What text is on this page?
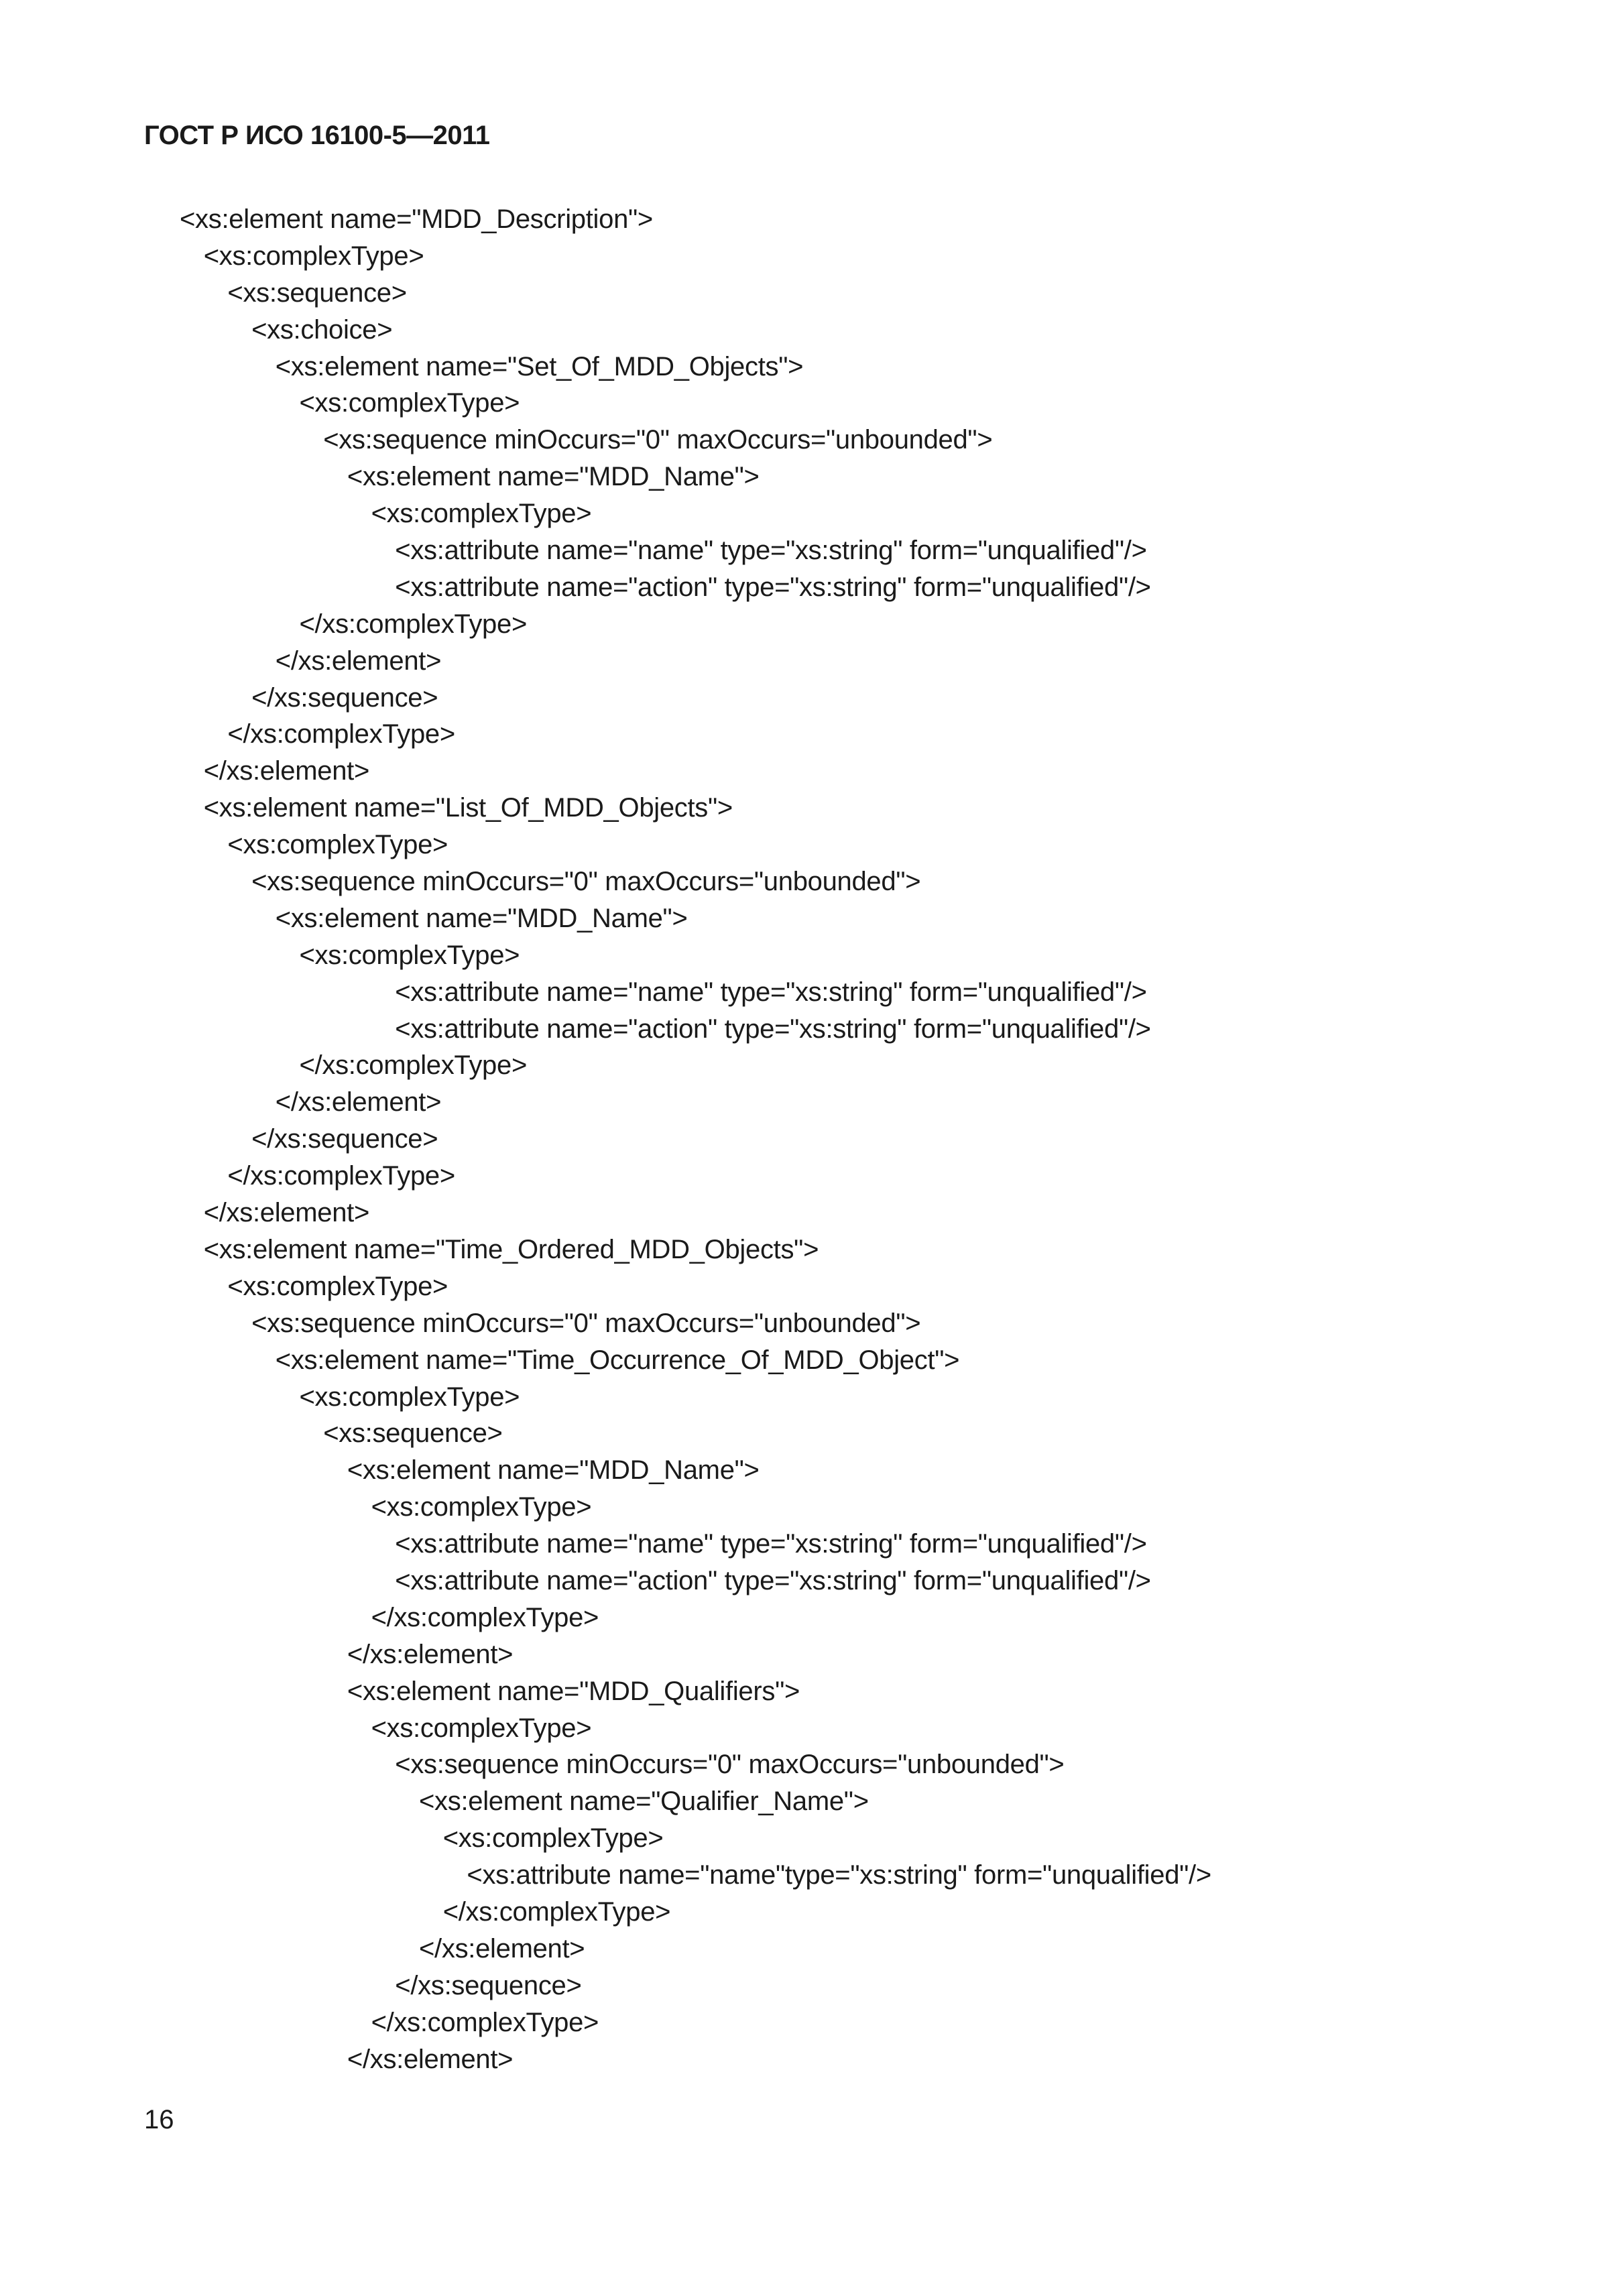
ГОСТ Р ИСО 16100-5—2011
<xs:element name="MDD_Description">
<xs:complexType>
<xs:sequence>
<xs:choice>
<xs:element name="Set_Of_MDD_Objects">
<xs:complexType>
<xs:sequence minOccurs="0" maxOccurs="unbounded">
<xs:element name="MDD_Name">
<xs:complexType>
<xs:attribute name="name" type="xs:string" form="unqualified"/>
<xs:attribute name="action" type="xs:string" form="unqualified"/>
</xs:complexType>
</xs:element>
</xs:sequence>
</xs:complexType>
</xs:element>
<xs:element name="List_Of_MDD_Objects">
<xs:complexType>
<xs:sequence minOccurs="0" maxOccurs="unbounded">
<xs:element name="MDD_Name">
<xs:complexType>
<xs:attribute name="name" type="xs:string" form="unqualified"/>
<xs:attribute name="action" type="xs:string" form="unqualified"/>
</xs:complexType>
</xs:element>
</xs:sequence>
</xs:complexType>
</xs:element>
<xs:element name="Time_Ordered_MDD_Objects">
<xs:complexType>
<xs:sequence minOccurs="0" maxOccurs="unbounded">
<xs:element name="Time_Occurrence_Of_MDD_Object">
<xs:complexType>
<xs:sequence>
<xs:element name="MDD_Name">
<xs:complexType>
<xs:attribute name="name" type="xs:string" form="unqualified"/>
<xs:attribute name="action" type="xs:string" form="unqualified"/>
</xs:complexType>
</xs:element>
<xs:element name="MDD_Qualifiers">
<xs:complexType>
<xs:sequence minOccurs="0" maxOccurs="unbounded">
<xs:element name="Qualifier_Name">
<xs:complexType>
<xs:attribute name="name"type="xs:string" form="unqualified"/>
</xs:complexType>
</xs:element>
</xs:sequence>
</xs:complexType>
</xs:element>
16
